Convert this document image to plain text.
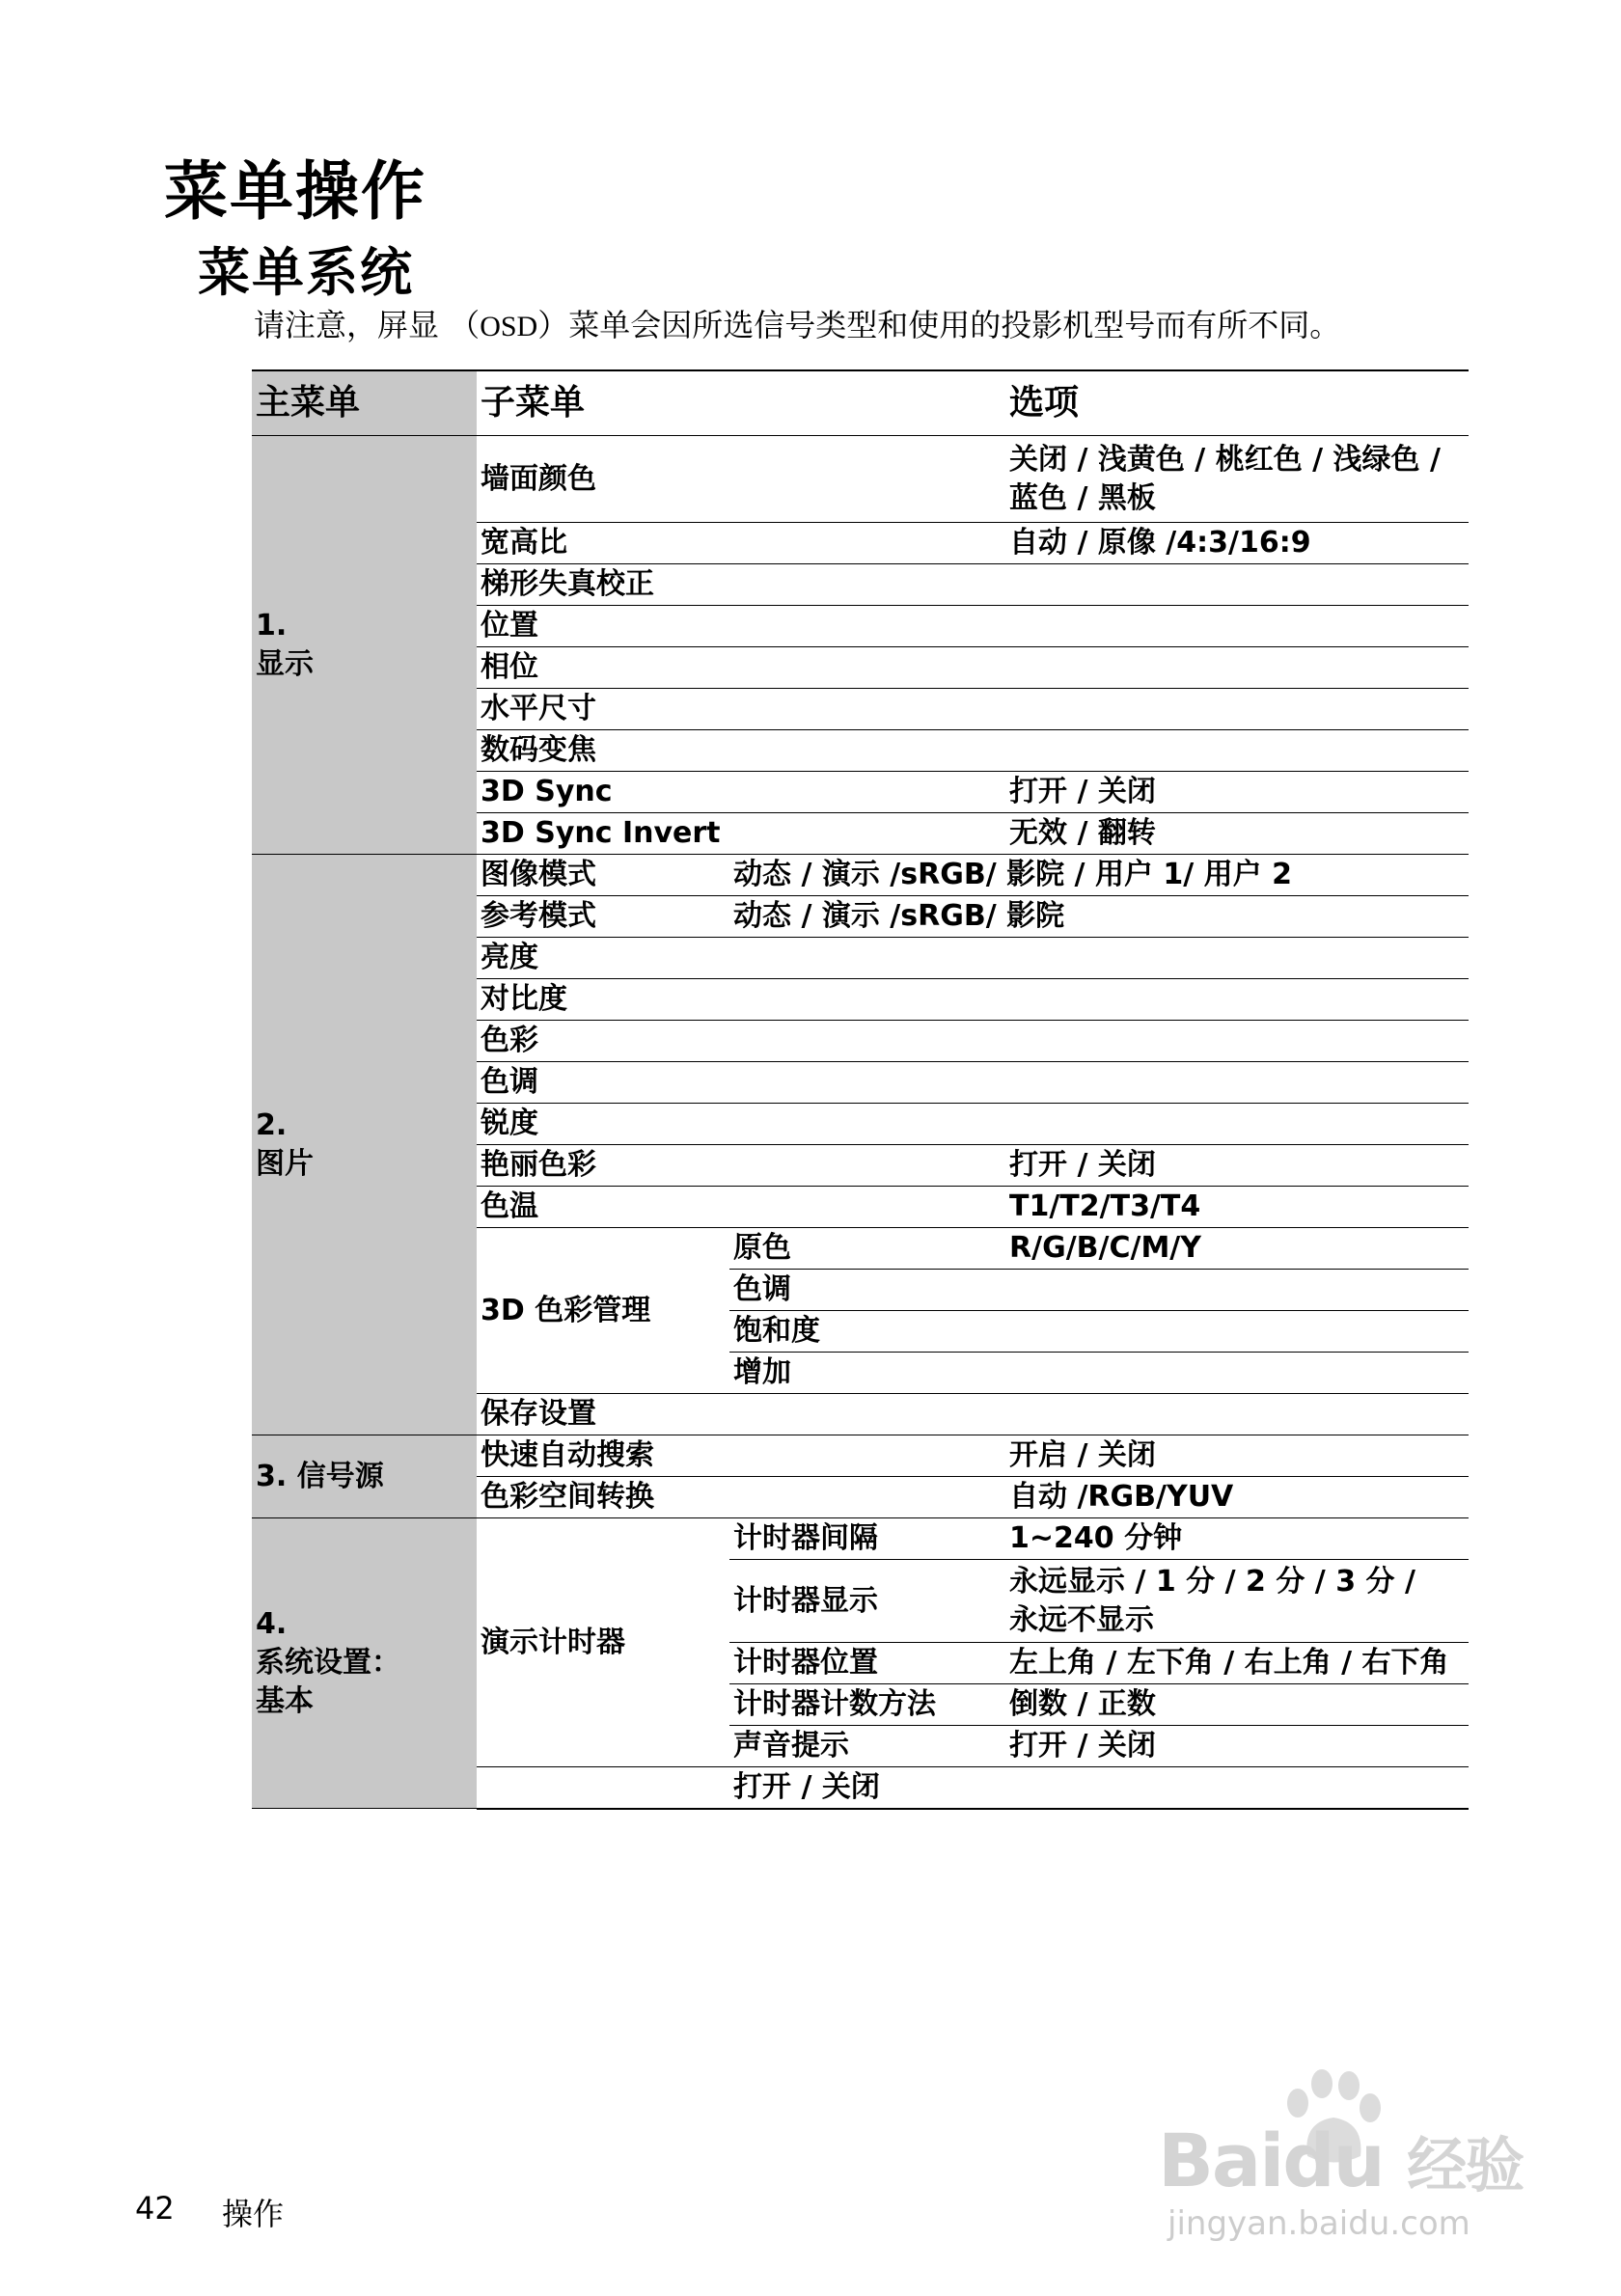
菜单操作
菜单系统
请注意，屏显 （OSD）菜单会因所选信号类型和使用的投影机型号而有所不同。
主菜单	子菜单		选项
1.
显示	墙面颜色		关闭 / 浅黄色 / 桃红色 / 浅绿色 /
蓝色 / 黑板
	宽高比		自动 / 原像 /4:3/16:9
	梯形失真校正		
	位置		
	相位		
	水平尺寸		
	数码变焦		
	3D Sync		打开 / 关闭
	3D Sync Invert		无效 / 翻转
2.
图片	图像模式	动态 / 演示 /sRGB/ 影院 / 用户 1/ 用户 2	
	参考模式	动态 / 演示 /sRGB/ 影院	
	亮度		
	对比度		
	色彩		
	色调		
	锐度		
	艳丽色彩		打开 / 关闭
	色温		T1/T2/T3/T4
	3D 色彩管理	原色	R/G/B/C/M/Y
		色调	
		饱和度	
		增加	
	保存设置		
3. 信号源	快速自动搜索		开启 / 关闭
	色彩空间转换		自动 /RGB/YUV
4.
系统设置：
基本	演示计时器	计时器间隔	1~240 分钟
		计时器显示	永远显示 / 1 分 / 2 分 / 3 分 /
永远不显示
		计时器位置	左上角 / 左下角 / 右上角 / 右下角
		计时器计数方法	倒数 / 正数
		声音提示	打开 / 关闭
		打开 / 关闭	
Baidu 经验
jingyan.baidu.com
42 操作
